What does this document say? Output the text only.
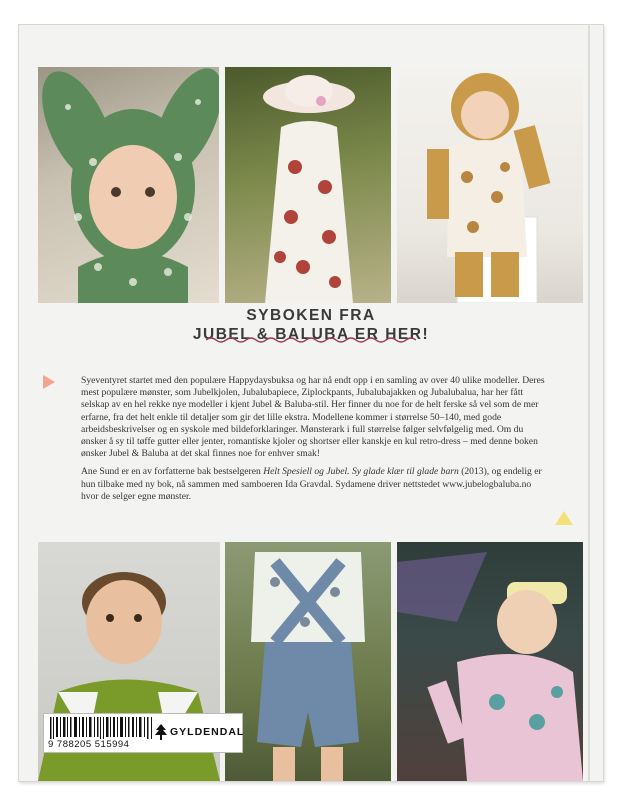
SYBOKEN FRA
JUBEL & BALUBA ER HER!

Syeventyret startet med den populære Happydaysbuksa og har nå endt opp i en samling av over 40 ulike modeller. Deres mest populære mønster, som Jubelkjolen, Jubalubapiece, Ziplockpants, Jubalubajakken og Jubalubalua, har her fått selskap av en hel rekke nye modeller i kjent Jubel & Baluba-stil. Her finner du noe for de helt ferske så vel som de mer erfarne, fra det helt enkle til detaljer som gir det lille ekstra. Modellene kommer i størrelse 50–140, med gode arbeidsbeskrivelser og en syskole med bildeforklaringer. Mønsterark i full størrelse følger selvfølgelig med. Om du ønsker å sy til tøffe gutter eller jenter, romantiske kjoler og shortser eller kanskje en kul retro-dress – med denne boken ønsker Jubel & Baluba at det skal finnes noe for enhver smak!

Ane Sund er en av forfatterne bak bestselgeren Helt Spesiell og Jubel. Sy glade klær til glade barn (2013), og endelig er hun tilbake med ny bok, nå sammen med samboeren Ida Gravdal. Sydamene driver nettstedet www.jubelogbaluba.no hvor de selger egne mønster.

9 788205 515994
GYLDENDAL
